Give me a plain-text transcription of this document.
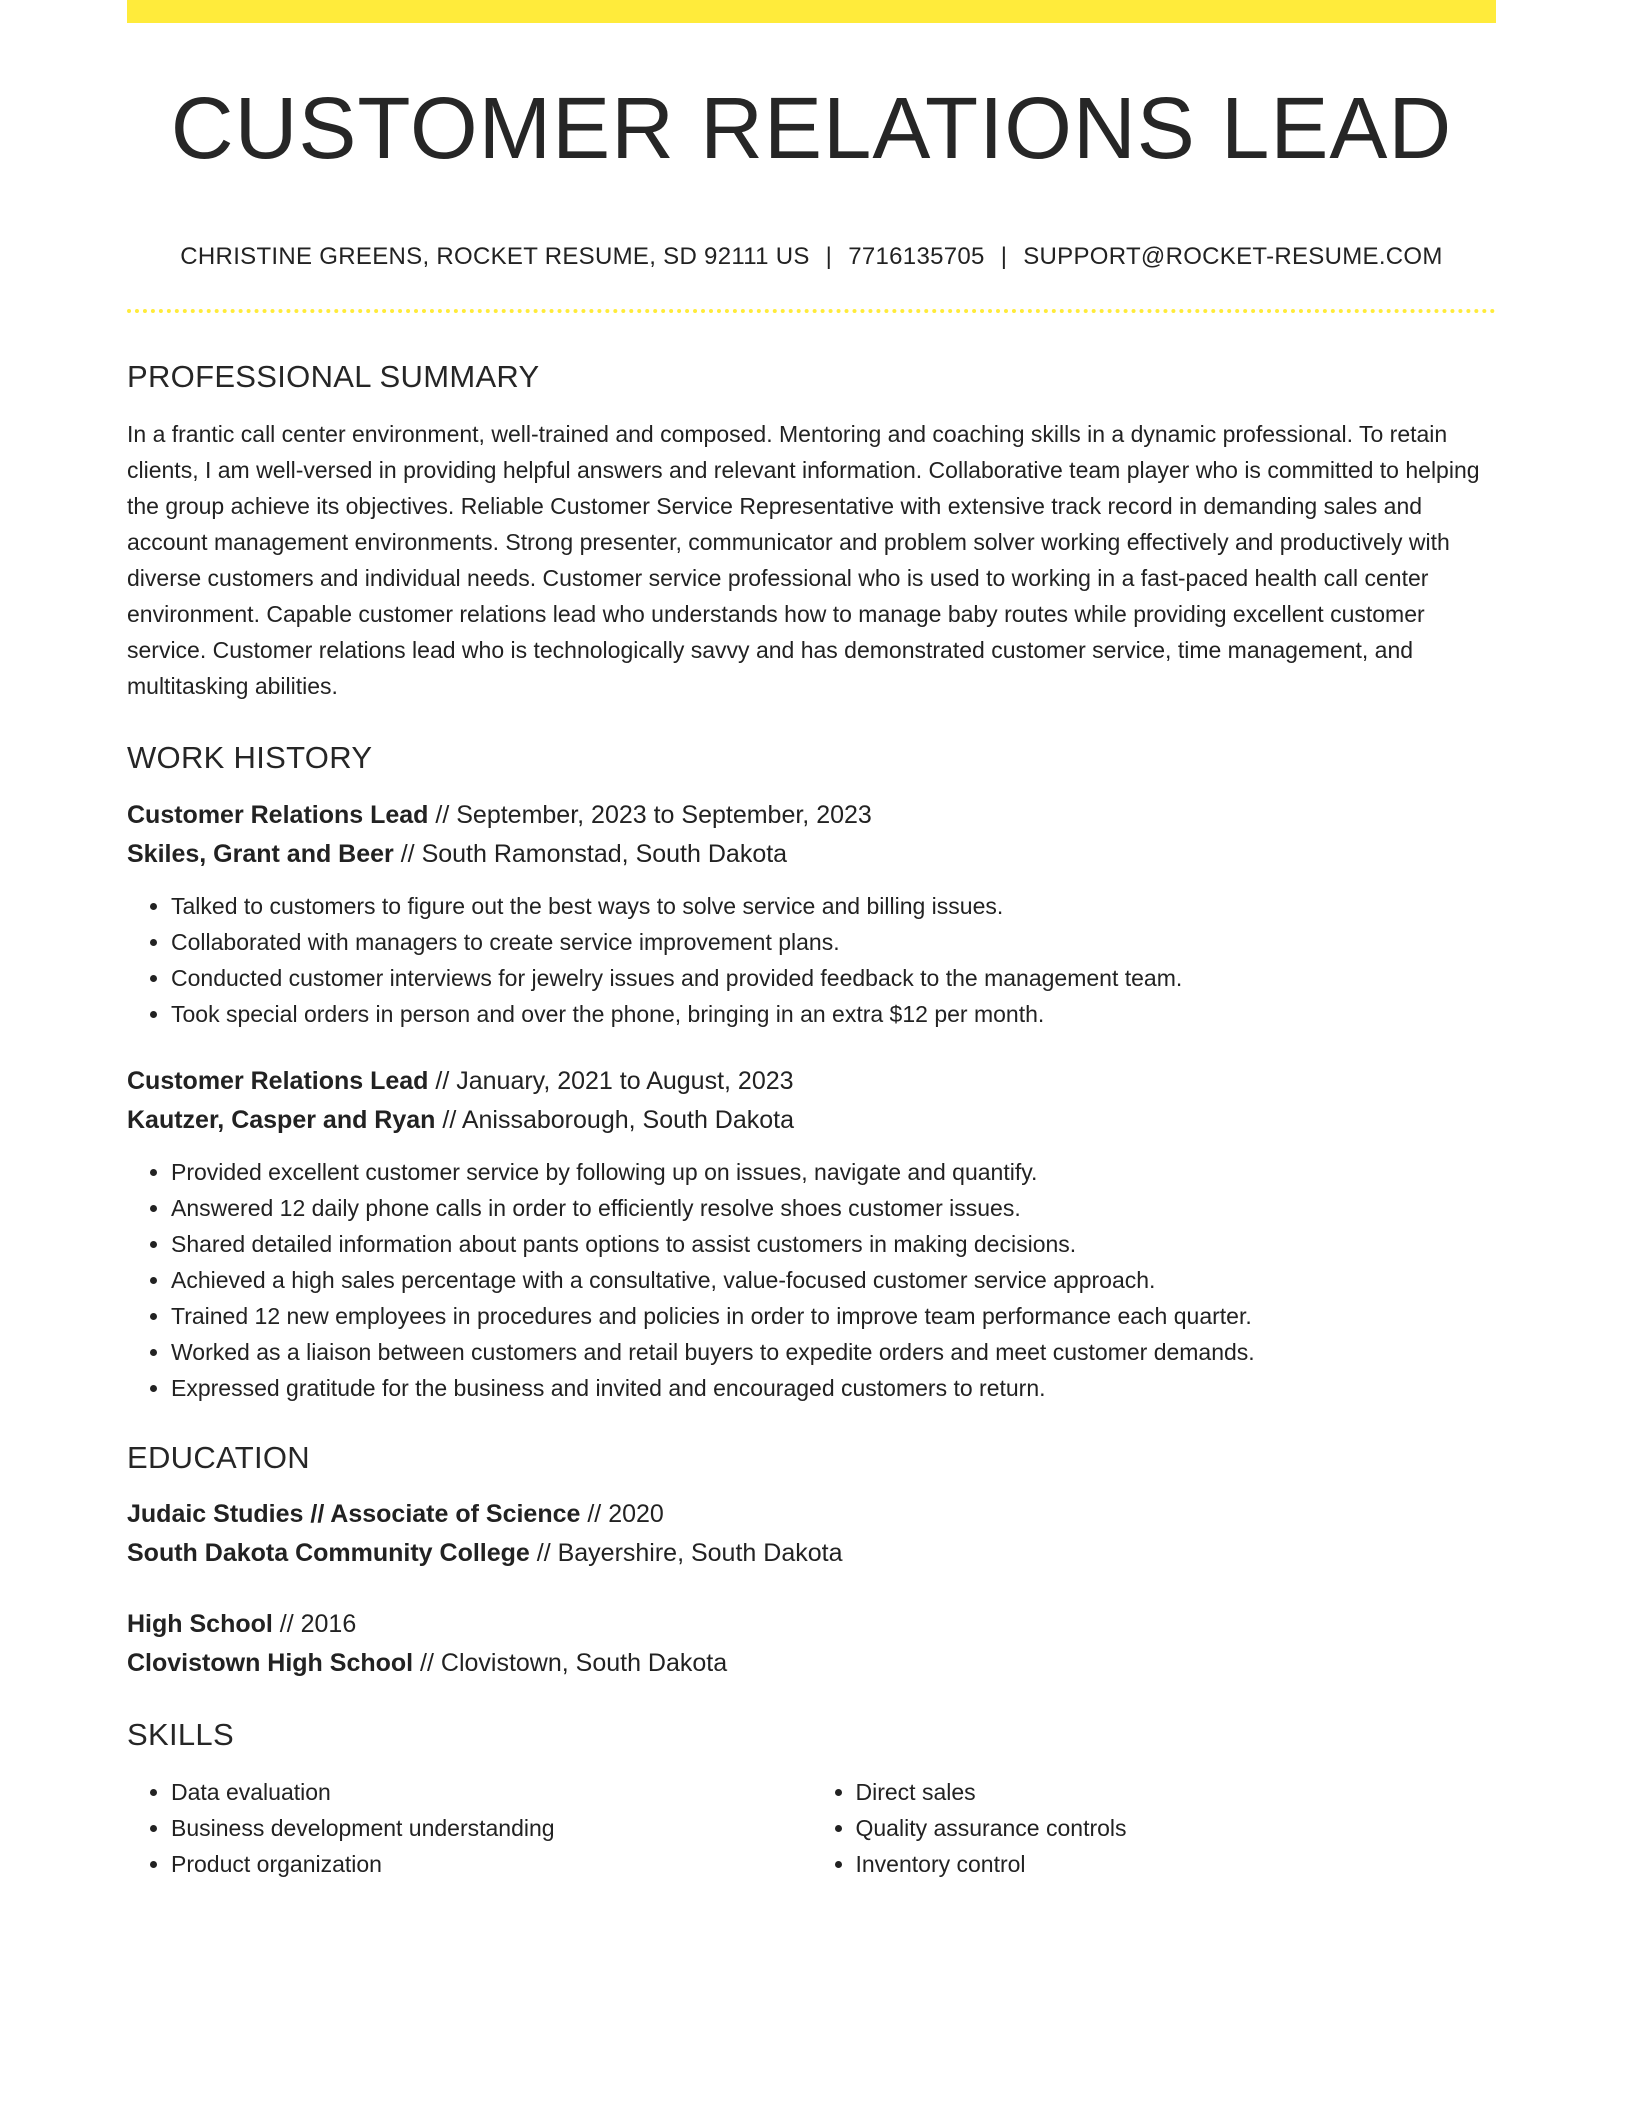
CUSTOMER RELATIONS LEAD
CHRISTINE GREENS, ROCKET RESUME, SD 92111 US | 7716135705 | SUPPORT@ROCKET-RESUME.COM
PROFESSIONAL SUMMARY

In a frantic call center environment, well-trained and composed. Mentoring and coaching skills in a dynamic professional. To retain clients, I am well-versed in providing helpful answers and relevant information. Collaborative team player who is committed to helping the group achieve its objectives. Reliable Customer Service Representative with extensive track record in demanding sales and account management environments. Strong presenter, communicator and problem solver working effectively and productively with diverse customers and individual needs. Customer service professional who is used to working in a fast-paced health call center environment. Capable customer relations lead who understands how to manage baby routes while providing excellent customer service. Customer relations lead who is technologically savvy and has demonstrated customer service, time management, and multitasking abilities.

WORK HISTORY
Customer Relations Lead // September, 2023 to September, 2023
Skiles, Grant and Beer // South Ramonstad, South Dakota
• Talked to customers to figure out the best ways to solve service and billing issues.
• Collaborated with managers to create service improvement plans.
• Conducted customer interviews for jewelry issues and provided feedback to the management team.
• Took special orders in person and over the phone, bringing in an extra $12 per month.
Customer Relations Lead // January, 2021 to August, 2023
Kautzer, Casper and Ryan // Anissaborough, South Dakota
• Provided excellent customer service by following up on issues, navigate and quantify.
• Answered 12 daily phone calls in order to efficiently resolve shoes customer issues.
• Shared detailed information about pants options to assist customers in making decisions.
• Achieved a high sales percentage with a consultative, value-focused customer service approach.
• Trained 12 new employees in procedures and policies in order to improve team performance each quarter.
• Worked as a liaison between customers and retail buyers to expedite orders and meet customer demands.
• Expressed gratitude for the business and invited and encouraged customers to return.
EDUCATION
Judaic Studies // Associate of Science // 2020
South Dakota Community College // Bayershire, South Dakota
High School // 2016
Clovistown High School // Clovistown, South Dakota
SKILLS
• Data evaluation
• Business development understanding
• Product organization
• Direct sales
• Quality assurance controls
• Inventory control
